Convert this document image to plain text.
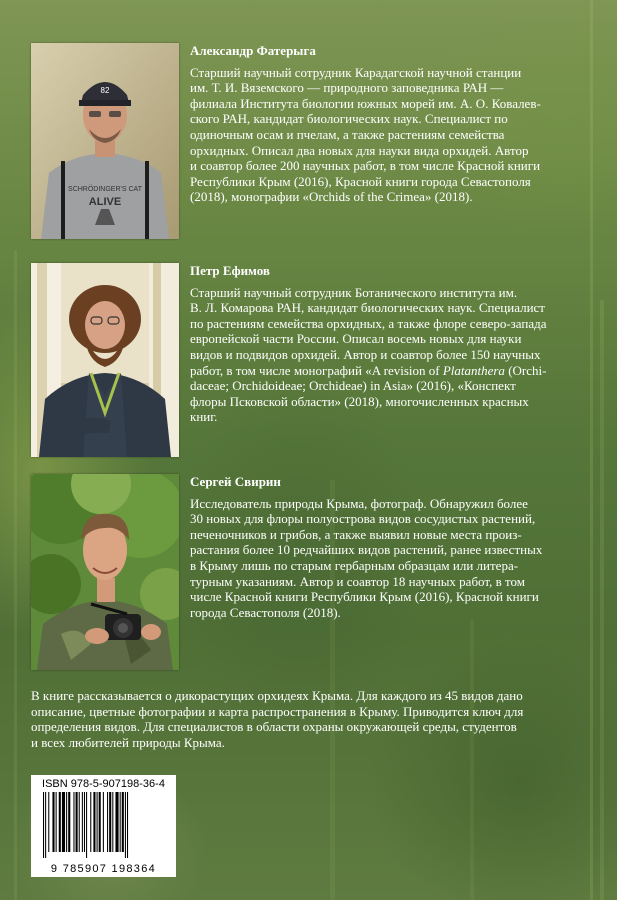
82
SCHRÖDINGER'S CAT
ALIVE
Александр Фатерыга
Старший научный сотрудник Карадагской научной станции
им. Т. И. Вяземского — природного заповедника РАН —
филиала Института биологии южных морей им. А. О. Ковалев-
ского РАН, кандидат биологических наук. Специалист по
одиночным осам и пчелам, а также растениям семейства
орхидных. Описал два новых для науки вида орхидей. Автор
и соавтор более 200 научных работ, в том числе Красной книги
Республики Крым (2016), Красной книги города Севастополя
(2018), монографии «Orchids of the Crimea» (2018).
Петр Ефимов
Старший научный сотрудник Ботанического института им.
В. Л. Комарова РАН, кандидат биологических наук. Специалист
по растениям семейства орхидных, а также флоре северо-запада
европейской части России. Описал восемь новых для науки
видов и подвидов орхидей. Автор и соавтор более 150 научных
работ, в том числе монографий «A revision of Platanthera (Orchi-
daceae; Orchidoideae; Orchideae) in Asia» (2016), «Конспект
флоры Псковской области» (2018), многочисленных красных
книг.
Сергей Свирин
Исследователь природы Крыма, фотограф. Обнаружил более
30 новых для флоры полуострова видов сосудистых растений,
печеночников и грибов, а также выявил новые места произ-
растания более 10 редчайших видов растений, ранее известных
в Крыму лишь по старым гербарным образцам или литера-
турным указаниям. Автор и соавтор 18 научных работ, в том
числе Красной книги Республики Крым (2016), Красной книги
города Севастополя (2018).
В книге рассказывается о дикорастущих орхидеях Крыма. Для каждого из 45 видов дано
описание, цветные фотографии и карта распространения в Крыму. Приводится ключ для
определения видов. Для специалистов в области охраны окружающей среды, студентов
и всех любителей природы Крыма.
ISBN 978-5-907198-36-4
9 785907 198364
